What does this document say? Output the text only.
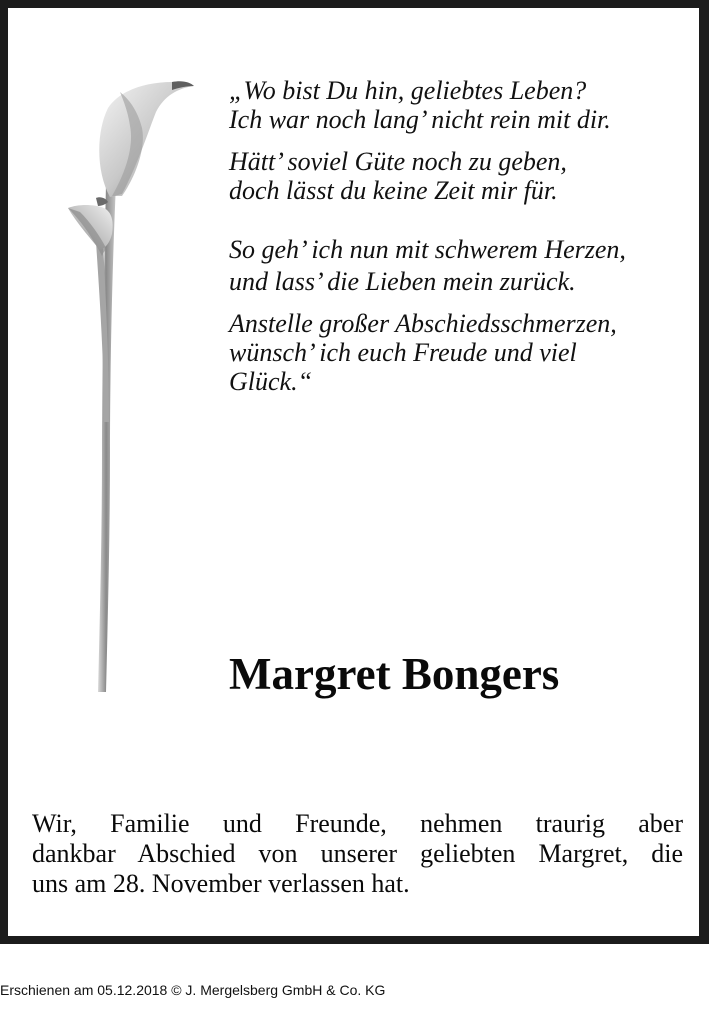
„Wo bist Du hin, geliebtes Leben?
Ich war noch lang’ nicht rein mit dir.

Hätt’ soviel Güte noch zu geben,
doch lässt du keine Zeit mir für.

So geh’ ich nun mit schwerem Herzen,
und lass’ die Lieben mein zurück.

Anstelle großer Abschiedsschmerzen,
wünsch’ ich euch Freude und viel
Glück.“

Margret Bongers

Wir, Familie und Freunde, nehmen traurig aber
dankbar Abschied von unserer geliebten Margret, die
uns am 28. November verlassen hat.

Erschienen am 05.12.2018 © J. Mergelsberg GmbH & Co. KG
